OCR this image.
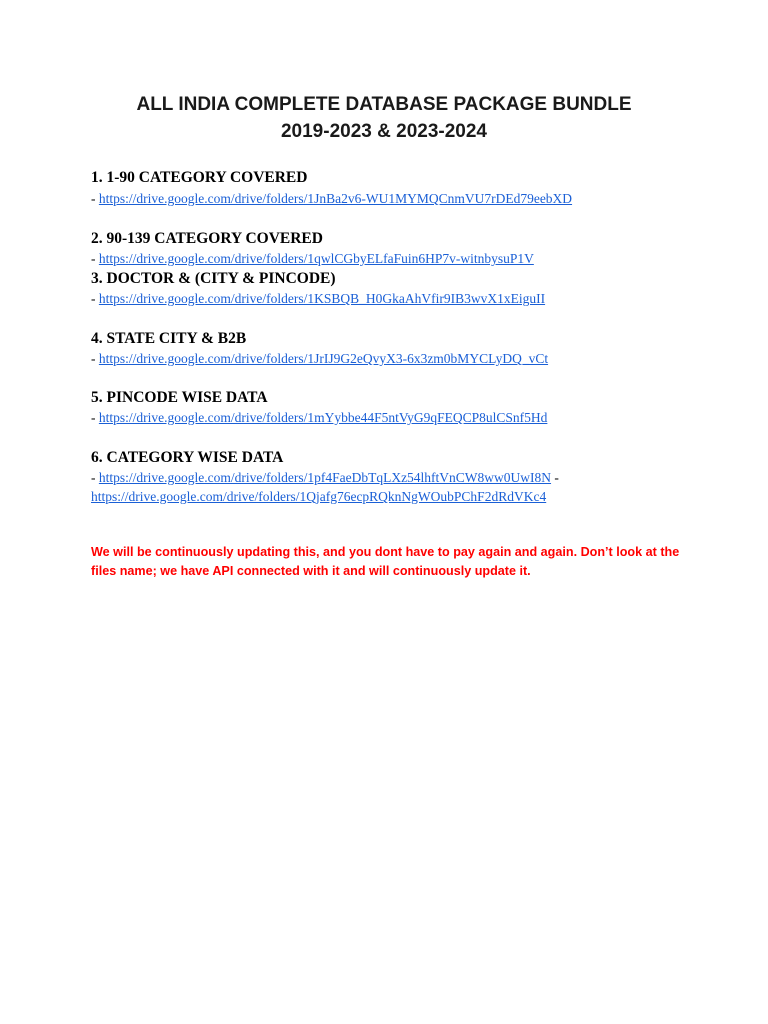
ALL INDIA COMPLETE DATABASE PACKAGE BUNDLE
2019-2023 & 2023-2024

1. 1-90 CATEGORY COVERED

- https://drive.google.com/drive/folders/1JnBa2v6-WU1MYMQCnmVU7rDEd79eebXD

2. 90-139 CATEGORY COVERED

- https://drive.google.com/drive/folders/1qwlCGbyELfaFuin6HP7v-witnbysuP1V

3. DOCTOR & (CITY & PINCODE)

- https://drive.google.com/drive/folders/1KSBQB_H0GkaAhVfir9IB3wvX1xEiguII

4. STATE CITY & B2B

- https://drive.google.com/drive/folders/1JrIJ9G2eQvyX3-6x3zm0bMYCLyDQ_vCt

5. PINCODE WISE DATA

- https://drive.google.com/drive/folders/1mYybbe44F5ntVyG9qFEQCP8ulCSnf5Hd

6. CATEGORY WISE DATA

- https://drive.google.com/drive/folders/1pf4FaeDbTqLXz54lhftVnCW8ww0UwI8N -

https://drive.google.com/drive/folders/1Qjafg76ecpRQknNgWOubPChF2dRdVKc4

We will be continuously updating this, and you dont have to pay again and again. Don’t look at the files name; we have API connected with it and will continuously update it.
